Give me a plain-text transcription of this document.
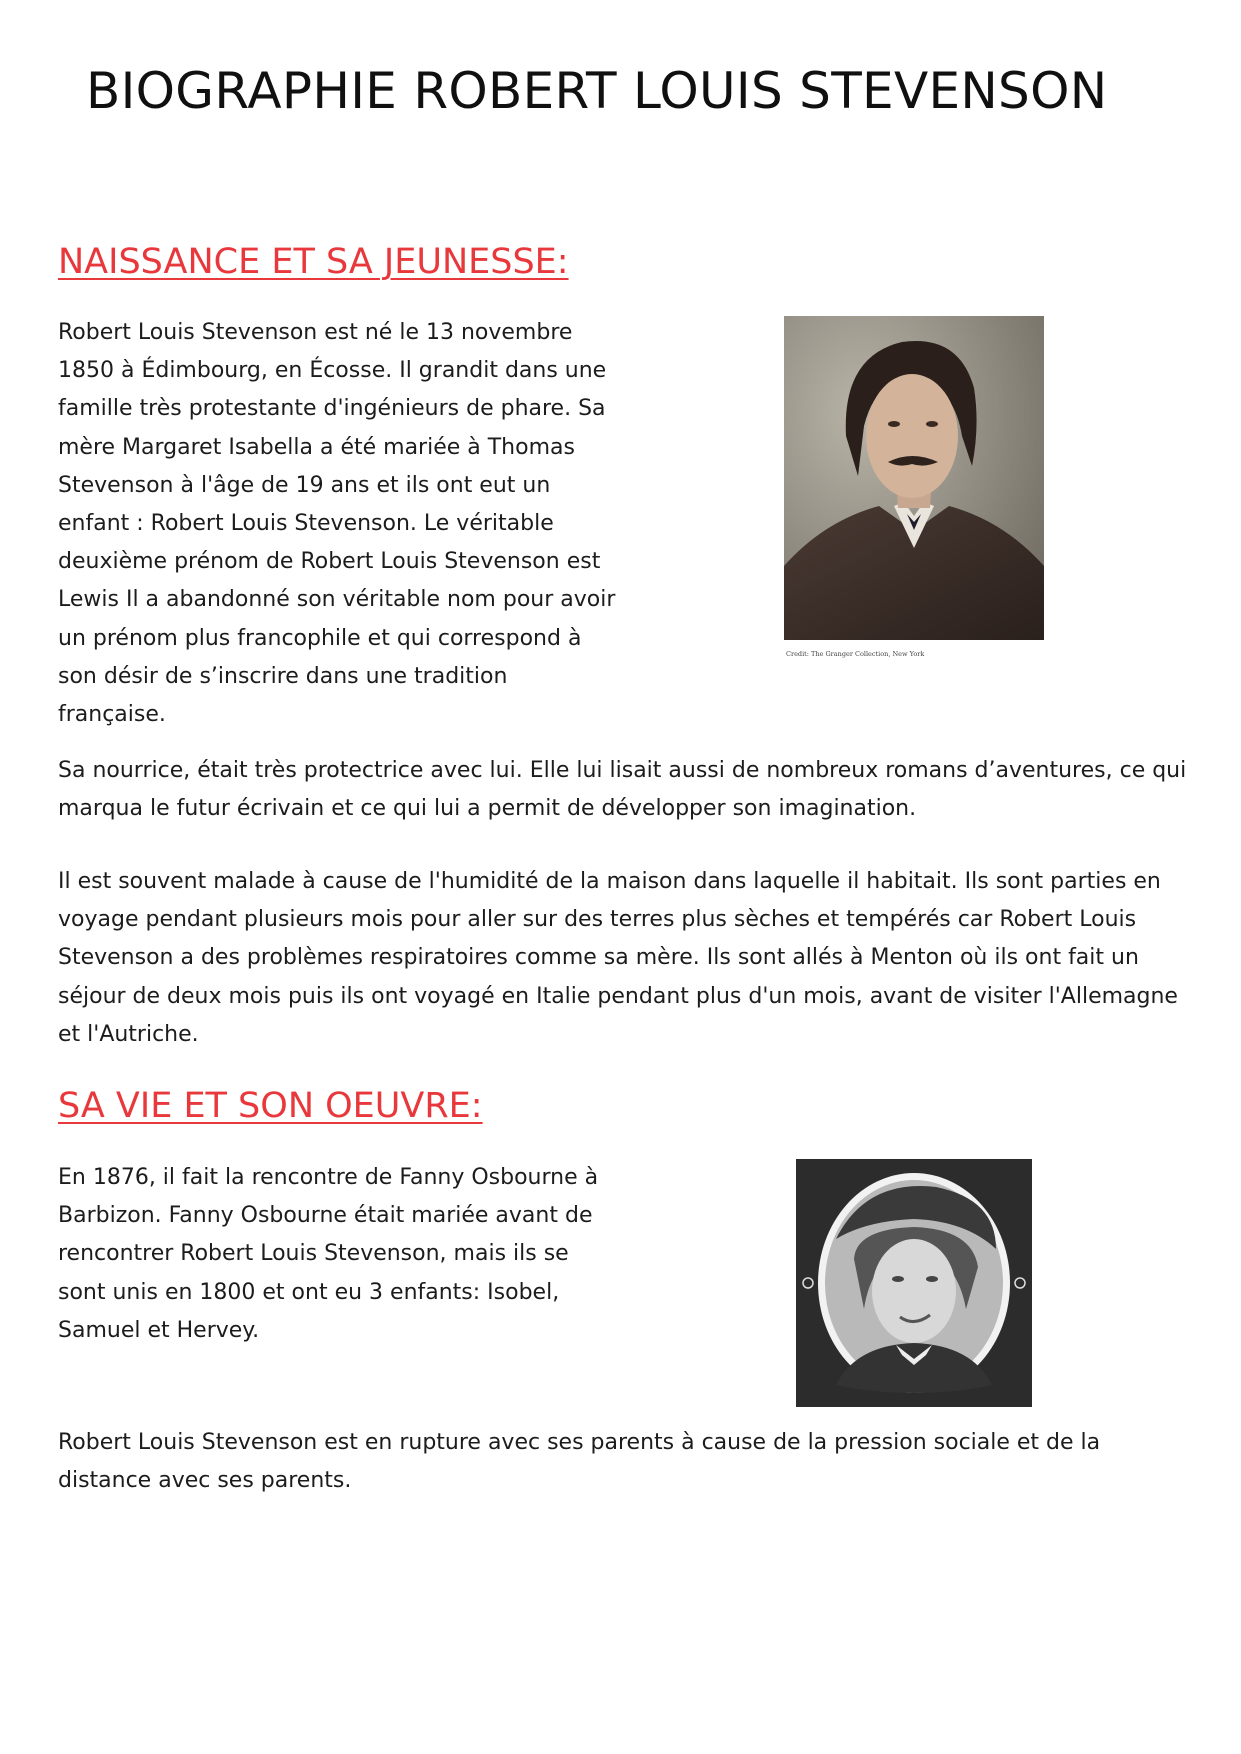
BIOGRAPHIE ROBERT LOUIS STEVENSON
NAISSANCE ET SA JEUNESSE:

Robert Louis Stevenson est né le 13 novembre 1850 à Édimbourg, en Écosse. Il grandit dans une famille très protestante d'ingénieurs de phare. Sa mère Margaret Isabella a été mariée à Thomas Stevenson à l'âge de 19 ans et ils ont eut un enfant : Robert Louis Stevenson. Le véritable deuxième prénom de Robert Louis Stevenson est Lewis Il a abandonné son véritable nom pour avoir un prénom plus francophile et qui correspond à son désir de s’inscrire dans une tradition française.

Credit: The Granger Collection, New York

Sa nourrice, était très protectrice avec lui. Elle lui lisait aussi de nombreux romans d’aventures, ce qui marqua le futur écrivain et ce qui lui a permit de développer son imagination.

Il est souvent malade à cause de l'humidité de la maison dans laquelle il habitait. Ils sont parties en voyage pendant plusieurs mois pour aller sur des terres plus sèches et tempérés car Robert Louis Stevenson a des problèmes respiratoires comme sa mère. Ils sont allés à Menton où ils ont fait un séjour de deux mois puis ils ont voyagé en Italie pendant plus d'un mois, avant de visiter l'Allemagne et l'Autriche.

SA VIE ET SON OEUVRE:

En 1876, il fait la rencontre de Fanny Osbourne à Barbizon. Fanny Osbourne était mariée avant de rencontrer Robert Louis Stevenson, mais ils se sont unis en 1800 et ont eu 3 enfants: Isobel, Samuel et Hervey.

Robert Louis Stevenson est en rupture avec ses parents à cause de la pression sociale et de la distance avec ses parents.
